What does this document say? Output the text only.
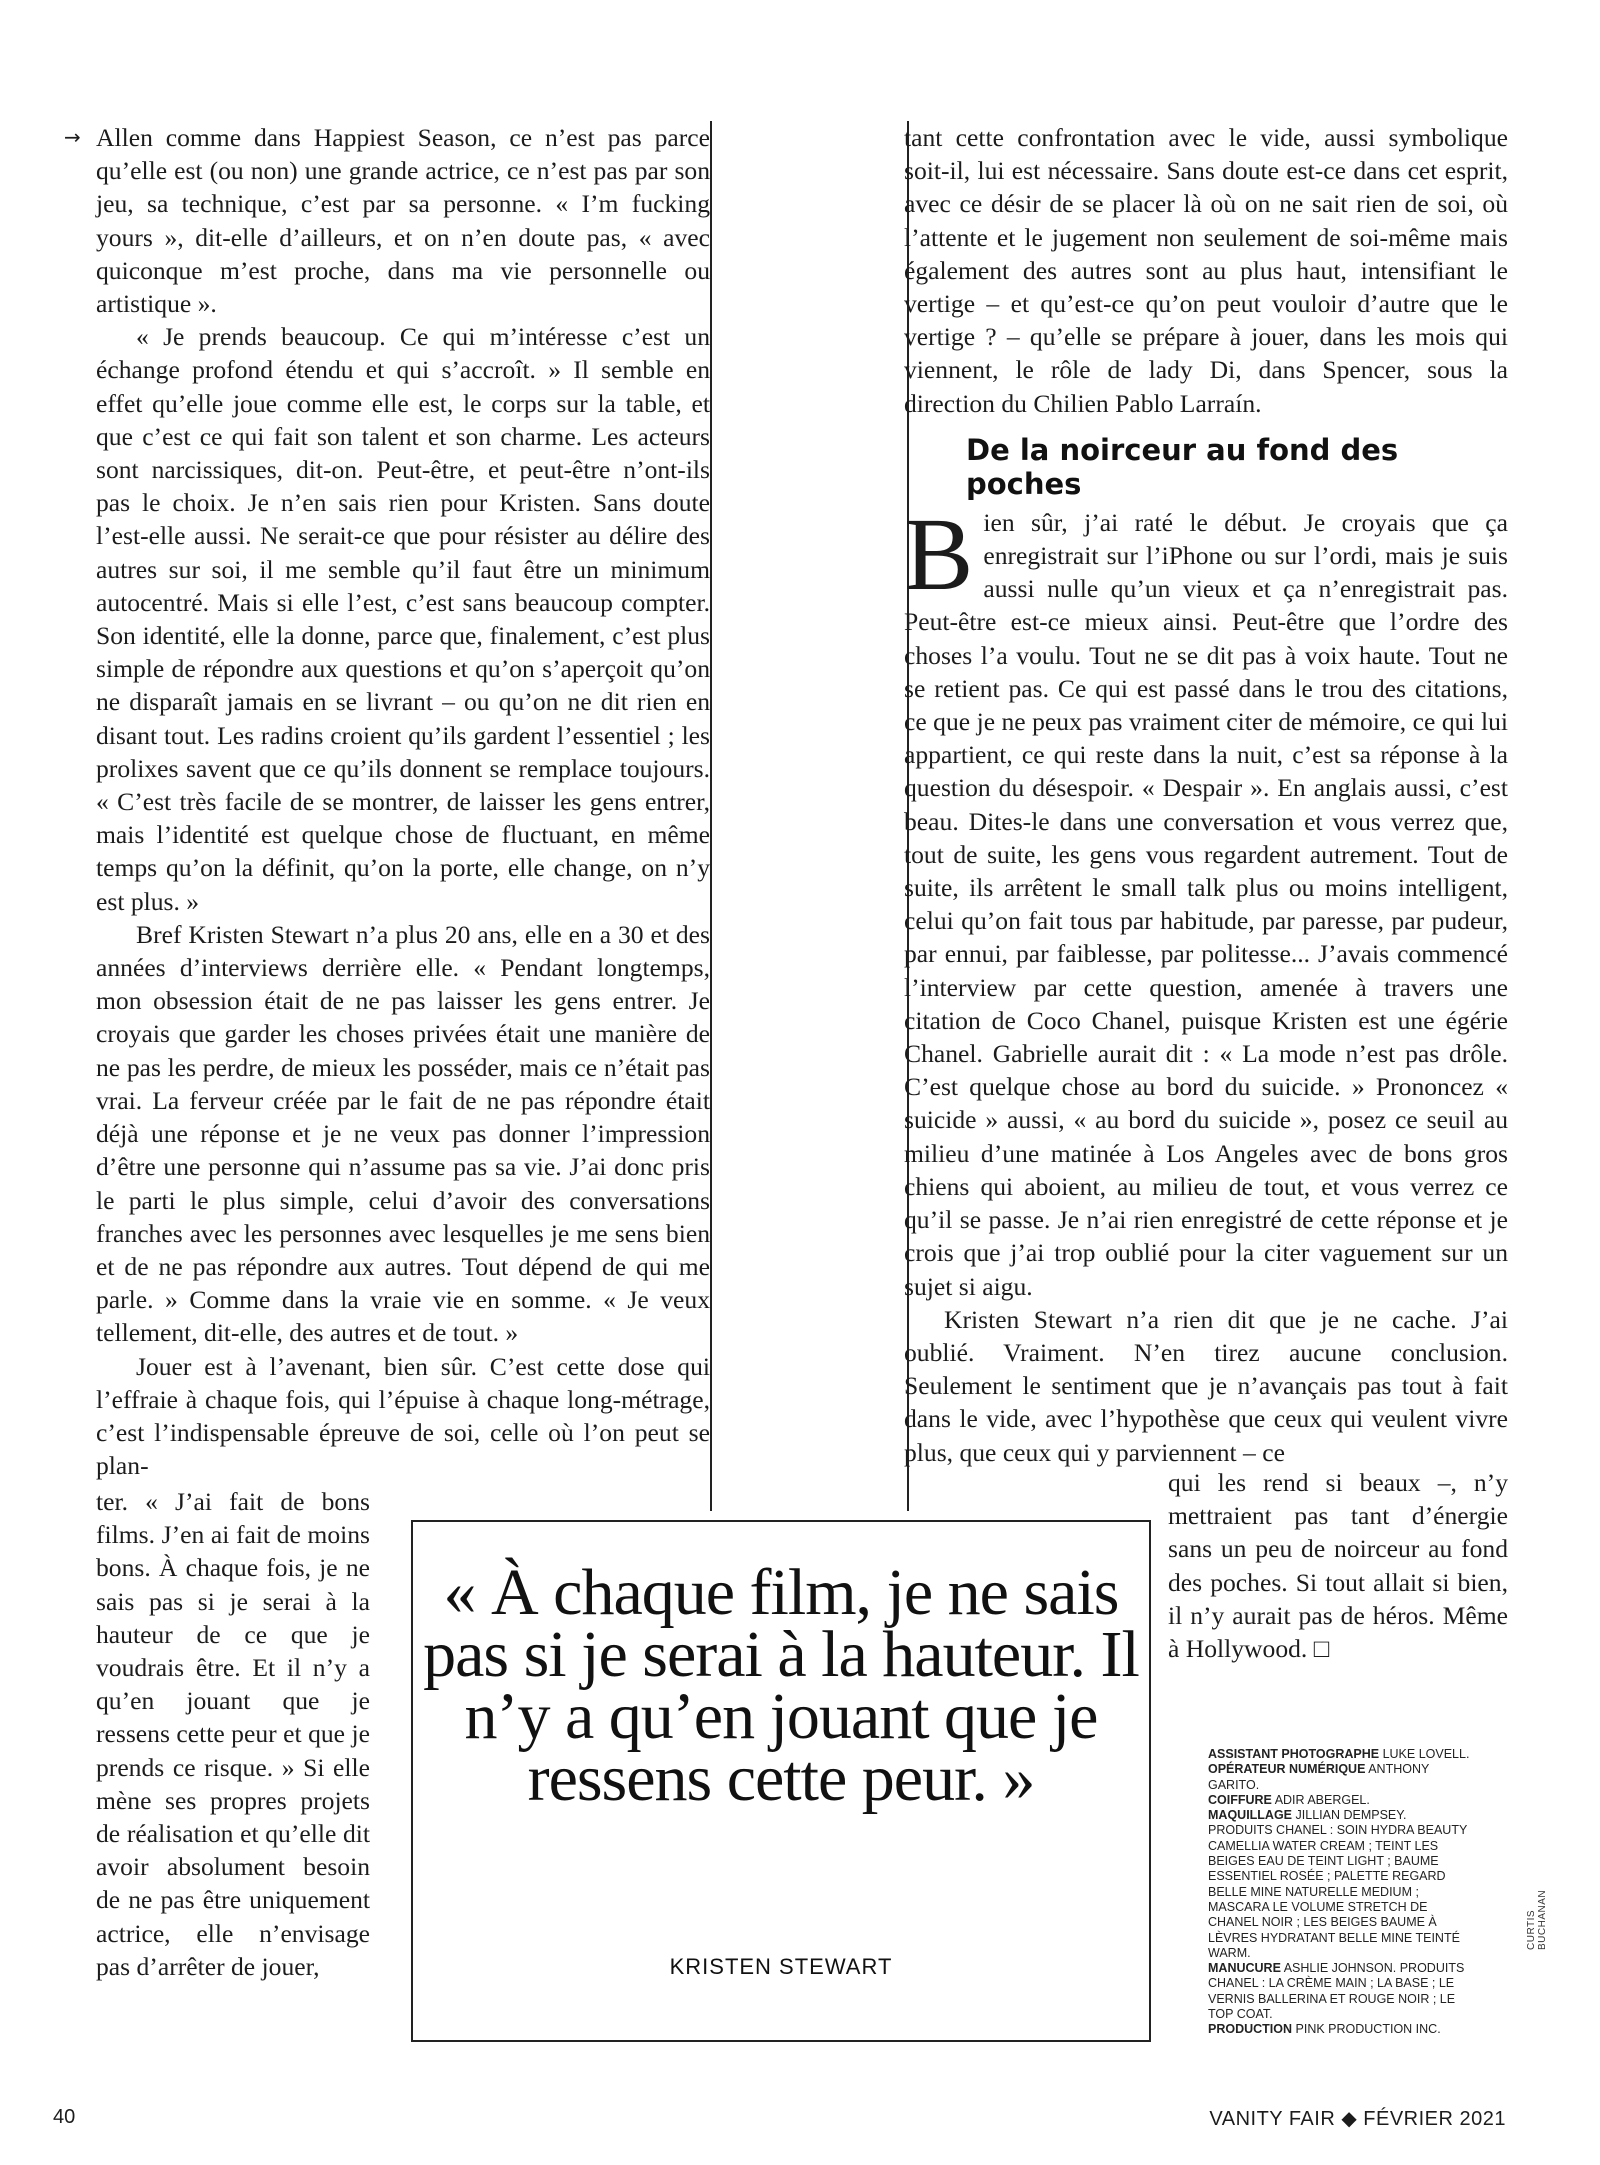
→ Allen comme dans Happiest Season, ce n’est pas parce qu’elle est (ou non) une grande actrice, ce n’est pas par son jeu, sa technique, c’est par sa personne. « I’m fucking yours », dit-elle d’ailleurs, et on n’en doute pas, « avec quiconque m’est proche, dans ma vie personnelle ou artistique ».

« Je prends beaucoup. Ce qui m’intéresse c’est un échange profond étendu et qui s’accroît. » Il semble en effet qu’elle joue comme elle est, le corps sur la table, et que c’est ce qui fait son talent et son charme. Les acteurs sont narcissiques, dit-on. Peut-être, et peut-être n’ont-ils pas le choix. Je n’en sais rien pour Kristen. Sans doute l’est-elle aussi. Ne serait-ce que pour résister au délire des autres sur soi, il me semble qu’il faut être un minimum autocentré. Mais si elle l’est, c’est sans beaucoup compter. Son identité, elle la donne, parce que, finalement, c’est plus simple de répondre aux questions et qu’on s’aperçoit qu’on ne disparaît jamais en se livrant – ou qu’on ne dit rien en disant tout. Les radins croient qu’ils gardent l’essentiel ; les prolixes savent que ce qu’ils donnent se remplace toujours. « C’est très facile de se montrer, de laisser les gens entrer, mais l’identité est quelque chose de fluctuant, en même temps qu’on la définit, qu’on la porte, elle change, on n’y est plus. »

Bref Kristen Stewart n’a plus 20 ans, elle en a 30 et des années d’interviews derrière elle. « Pendant longtemps, mon obsession était de ne pas laisser les gens entrer. Je croyais que garder les choses privées était une manière de ne pas les perdre, de mieux les posséder, mais ce n’était pas vrai. La ferveur créée par le fait de ne pas répondre était déjà une réponse et je ne veux pas donner l’impression d’être une personne qui n’assume pas sa vie. J’ai donc pris le parti le plus simple, celui d’avoir des conversations franches avec les personnes avec lesquelles je me sens bien et de ne pas répondre aux autres. Tout dépend de qui me parle. » Comme dans la vraie vie en somme. « Je veux tellement, dit-elle, des autres et de tout. »

Jouer est à l’avenant, bien sûr. C’est cette dose qui l’effraie à chaque fois, qui l’épuise à chaque long-métrage, c’est l’indispensable épreuve de soi, celle où l’on peut se plan-

ter. « J’ai fait de bons films. J’en ai fait de moins bons. À chaque fois, je ne sais pas si je serai à la hauteur de ce que je voudrais être. Et il n’y a qu’en jouant que je ressens cette peur et que je prends ce risque. » Si elle mène ses propres projets de réalisation et qu’elle dit avoir absolument besoin de ne pas être uniquement actrice, elle n’envisage pas d’arrêter de jouer,

tant cette confrontation avec le vide, aussi symbolique soit-il, lui est nécessaire. Sans doute est-ce dans cet esprit, avec ce désir de se placer là où on ne sait rien de soi, où l’attente et le jugement non seulement de soi-même mais également des autres sont au plus haut, intensifiant le vertige – et qu’est-ce qu’on peut vouloir d’autre que le vertige ? – qu’elle se prépare à jouer, dans les mois qui viennent, le rôle de lady Di, dans Spencer, sous la direction du Chilien Pablo Larraín.

Bien sûr, j’ai raté le début. Je croyais que ça enregistrait sur l’iPhone ou sur l’ordi, mais je suis aussi nulle qu’un vieux et ça n’enregistrait pas. Peut-être est-ce mieux ainsi. Peut-être que l’ordre des choses l’a voulu. Tout ne se dit pas à voix haute. Tout ne se retient pas. Ce qui est passé dans le trou des citations, ce que je ne peux pas vraiment citer de mémoire, ce qui lui appartient, ce qui reste dans la nuit, c’est sa réponse à la question du désespoir. « Despair ». En anglais aussi, c’est beau. Dites-le dans une conversation et vous verrez que, tout de suite, les gens vous regardent autrement. Tout de suite, ils arrêtent le small talk plus ou moins intelligent, celui qu’on fait tous par habitude, par paresse, par pudeur, par ennui, par faiblesse, par politesse... J’avais commencé l’interview par cette question, amenée à travers une citation de Coco Chanel, puisque Kristen est une égérie Chanel. Gabrielle aurait dit : « La mode n’est pas drôle. C’est quelque chose au bord du suicide. » Prononcez « suicide » aussi, « au bord du suicide », posez ce seuil au milieu d’une matinée à Los Angeles avec de bons gros chiens qui aboient, au milieu de tout, et vous verrez ce qu’il se passe. Je n’ai rien enregistré de cette réponse et je crois que j’ai trop oublié pour la citer vaguement sur un sujet si aigu.

Kristen Stewart n’a rien dit que je ne cache. J’ai oublié. Vraiment. N’en tirez aucune conclusion. Seulement le sentiment que je n’avançais pas tout à fait dans le vide, avec l’hypothèse que ceux qui veulent vivre plus, que ceux qui y parviennent – ce

De la noirceur au fond des poches

qui les rend si beaux –, n’y mettraient pas tant d’énergie sans un peu de noirceur au fond des poches. Si tout allait si bien, il n’y aurait pas de héros. Même à Hollywood. □

« À chaque film, je ne sais pas si je serai à la hauteur. Il n’y a qu’en jouant que je ressens cette peur. »
KRISTEN STEWART
ASSISTANT PHOTOGRAPHE LUKE LOVELL.
OPÉRATEUR NUMÉRIQUE ANTHONY GARITO.
COIFFURE ADIR ABERGEL.
MAQUILLAGE JILLIAN DEMPSEY. PRODUITS CHANEL : SOIN HYDRA BEAUTY CAMELLIA WATER CREAM ; TEINT LES BEIGES EAU DE TEINT LIGHT ; BAUME ESSENTIEL ROSÉE ; PALETTE REGARD BELLE MINE NATURELLE MEDIUM ; MASCARA LE VOLUME STRETCH DE CHANEL NOIR ; LES BEIGES BAUME À LÈVRES HYDRATANT BELLE MINE TEINTÉ WARM.
MANUCURE ASHLIE JOHNSON. PRODUITS CHANEL : LA CRÈME MAIN ; LA BASE ; LE VERNIS BALLERINA ET ROUGE NOIR ; LE TOP COAT.
PRODUCTION PINK PRODUCTION INC.
CURTIS BUCHANAN
40	VANITY FAIR ◆ FÉVRIER 2021
